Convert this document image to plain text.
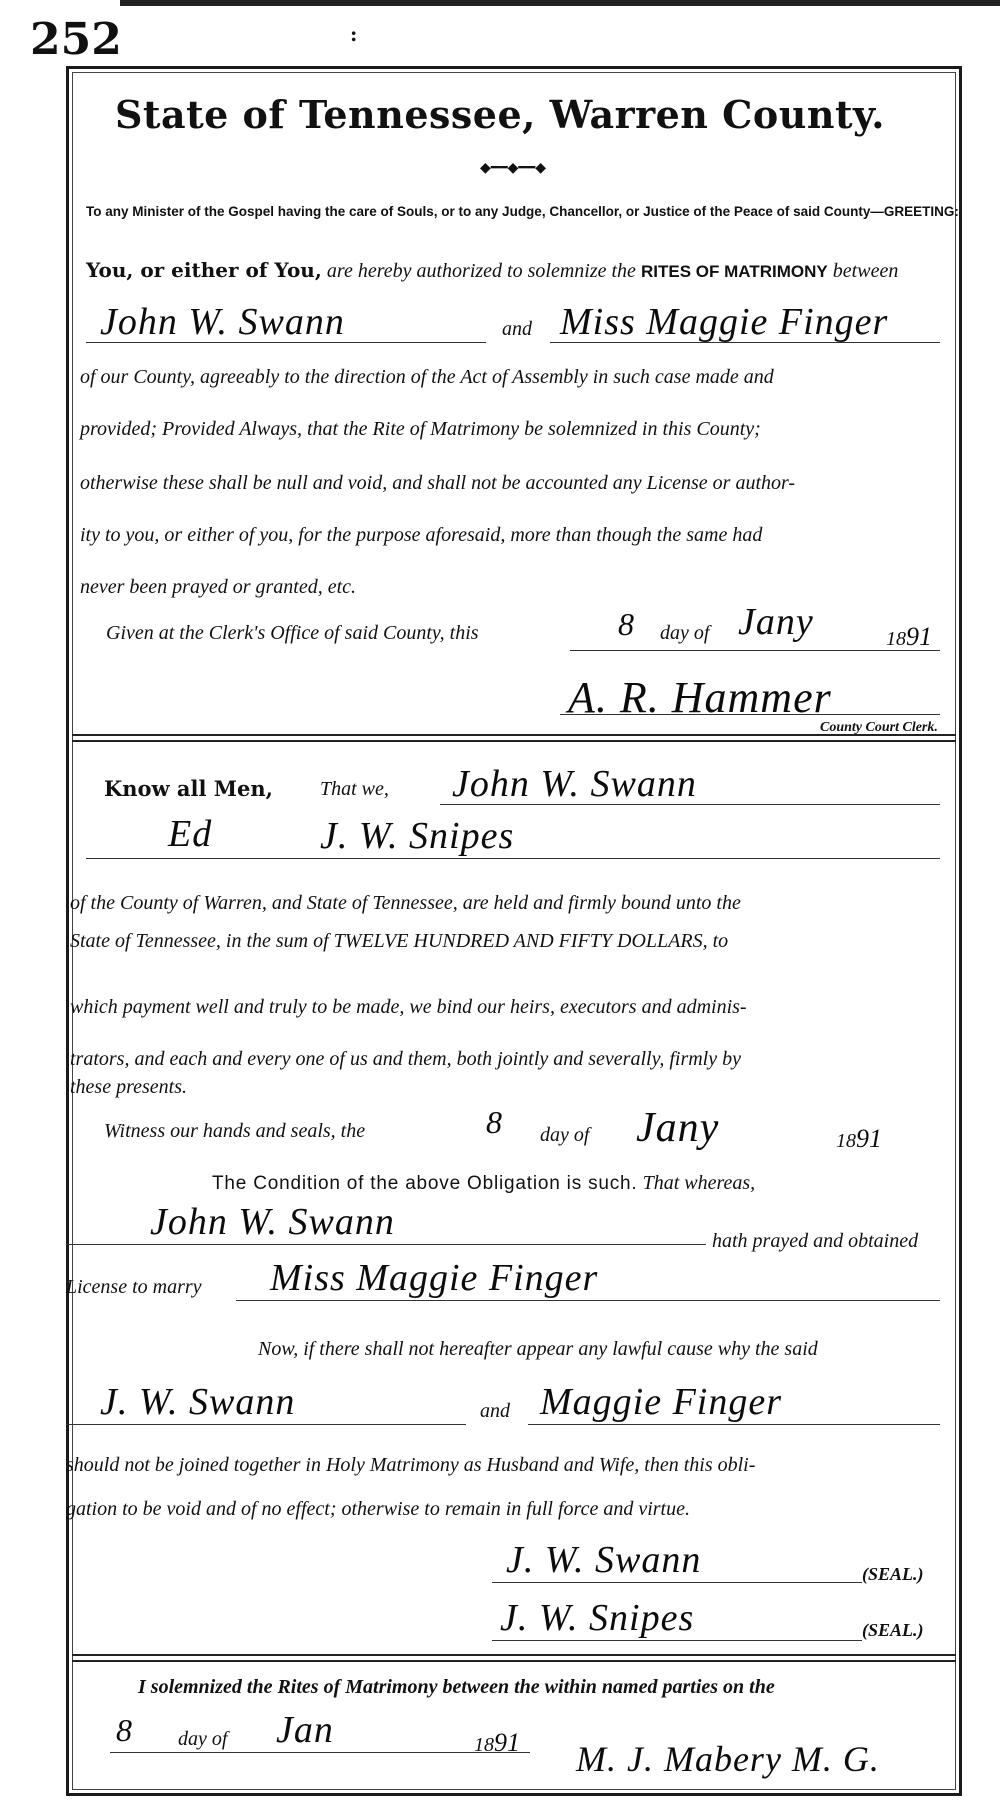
252	:
State of Tennessee, Warren County.
◆━━◆━━◆
To any Minister of the Gospel having the care of Souls, or to any Judge, Chancellor, or Justice of the Peace of said County—GREETING:
You, or either of You, are hereby authorized to solemnize the RITES OF MATRIMONY between
John W. Swann	and Miss Maggie Finger
of our County, agreeably to the direction of the Act of Assembly in such case made and
provided; Provided Always, that the Rite of Matrimony be solemnized in this County;
otherwise these shall be null and void, and shall not be accounted any License or author-
ity to you, or either of you, for the purpose aforesaid, more than though the same had
never been prayed or granted, etc.
Given at the Clerk's Office of said County, this	8 day of Jany	1891
A. R. Hammer
County Court Clerk.
Know all Men, That we, John W. Swann
Ed	J. W. Snipes
of the County of Warren, and State of Tennessee, are held and firmly bound unto the
State of Tennessee, in the sum of TWELVE HUNDRED AND FIFTY DOLLARS, to
which payment well and truly to be made, we bind our heirs, executors and adminis-
trators, and each and every one of us and them, both jointly and severally, firmly by
these presents.
Witness our hands and seals, the	8 day of Jany	1891
The Condition of the above Obligation is such. That whereas,
John W. Swann	hath prayed and obtained
License to marry Miss Maggie Finger
Now, if there shall not hereafter appear any lawful cause why the said
J. W. Swann	and Maggie Finger
should not be joined together in Holy Matrimony as Husband and Wife, then this obli-
gation to be void and of no effect; otherwise to remain in full force and virtue.
J. W. Swann	(SEAL.)
J. W. Snipes	(SEAL.)
I solemnized the Rites of Matrimony between the within named parties on the
8 day of Jan	1891 M. J. Mabery M. G.
